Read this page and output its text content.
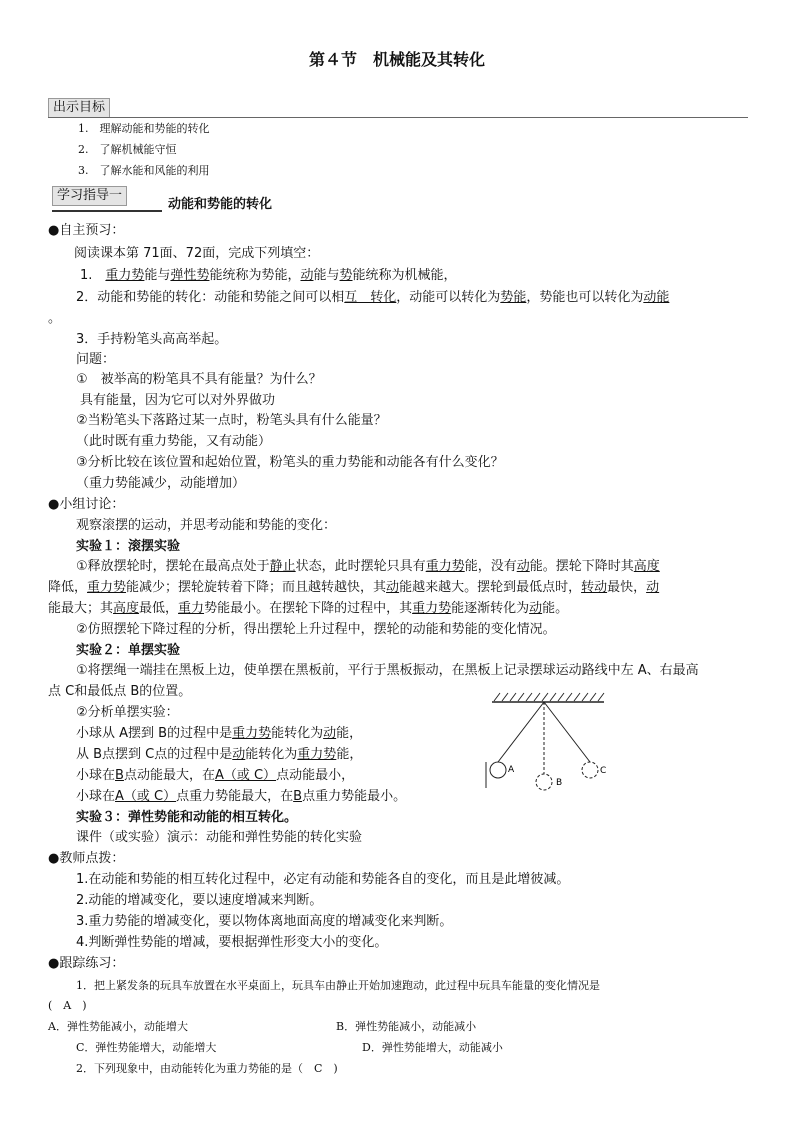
第４节　机械能及其转化
出示目标
1.　理解动能和势能的转化
2.　了解机械能守恒
3.　了解水能和风能的利用
学习指导一
动能和势能的转化
●自主预习：
阅读课本第 71面、72面，完成下列填空：
1.　重力势能与弹性势能统称为势能，动能与势能统称为机械能，
2．动能和势能的转化：动能和势能之间可以相互　转化，动能可以转化为势能，势能也可以转化为动能
。
3．手持粉笔头高高举起。
问题：
①　被举高的粉笔具不具有能量？为什么？
具有能量，因为它可以对外界做功
②当粉笔头下落路过某一点时，粉笔头具有什么能量？
（此时既有重力势能，又有动能）
③分析比较在该位置和起始位置，粉笔头的重力势能和动能各有什么变化？
（重力势能减少，动能增加）
●小组讨论：
观察滚摆的运动，并思考动能和势能的变化：
实验１：滚摆实验
①释放摆轮时，摆轮在最高点处于静止状态，此时摆轮只具有重力势能，没有动能。摆轮下降时其高度
降低，重力势能减少；摆轮旋转着下降；而且越转越快，其动能越来越大。摆轮到最低点时，转动最快，动
能最大；其高度最低，重力势能最小。在摆轮下降的过程中，其重力势能逐渐转化为动能。
②仿照摆轮下降过程的分析，得出摆轮上升过程中，摆轮的动能和势能的变化情况。
实验２：单摆实验
①将摆绳一端挂在黑板上边，使单摆在黑板前，平行于黑板振动，在黑板上记录摆球运动路线中左 A、右最高
点 C和最低点 B的位置。
②分析单摆实验：
小球从 A摆到 B的过程中是重力势能转化为动能，
从 B点摆到 C点的过程中是动能转化为重力势能，
小球在B点动能最大，在A（或 C）点动能最小，
小球在A（或 C）点重力势能最大，在B点重力势能最小。
实验３：弹性势能和动能的相互转化。
课件（或实验）演示：动能和弹性势能的转化实验
A
B
C
●教师点拨：
1.在动能和势能的相互转化过程中，必定有动能和势能各自的变化，而且是此增彼减。
2.动能的增减变化，要以速度增减来判断。
3.重力势能的增减变化，要以物体离地面高度的增减变化来判断。
4.判断弹性势能的增减，要根据弹性形变大小的变化。
●跟踪练习：
1．把上紧发条的玩具车放置在水平桌面上，玩具车由静止开始加速跑动，此过程中玩具车能量的变化情况是
(　A　)
A．弹性势能减小，动能增大	B．弹性势能减小，动能减小
C．弹性势能增大，动能增大	D．弹性势能增大，动能减小
2．下列现象中，由动能转化为重力势能的是（　C　)
